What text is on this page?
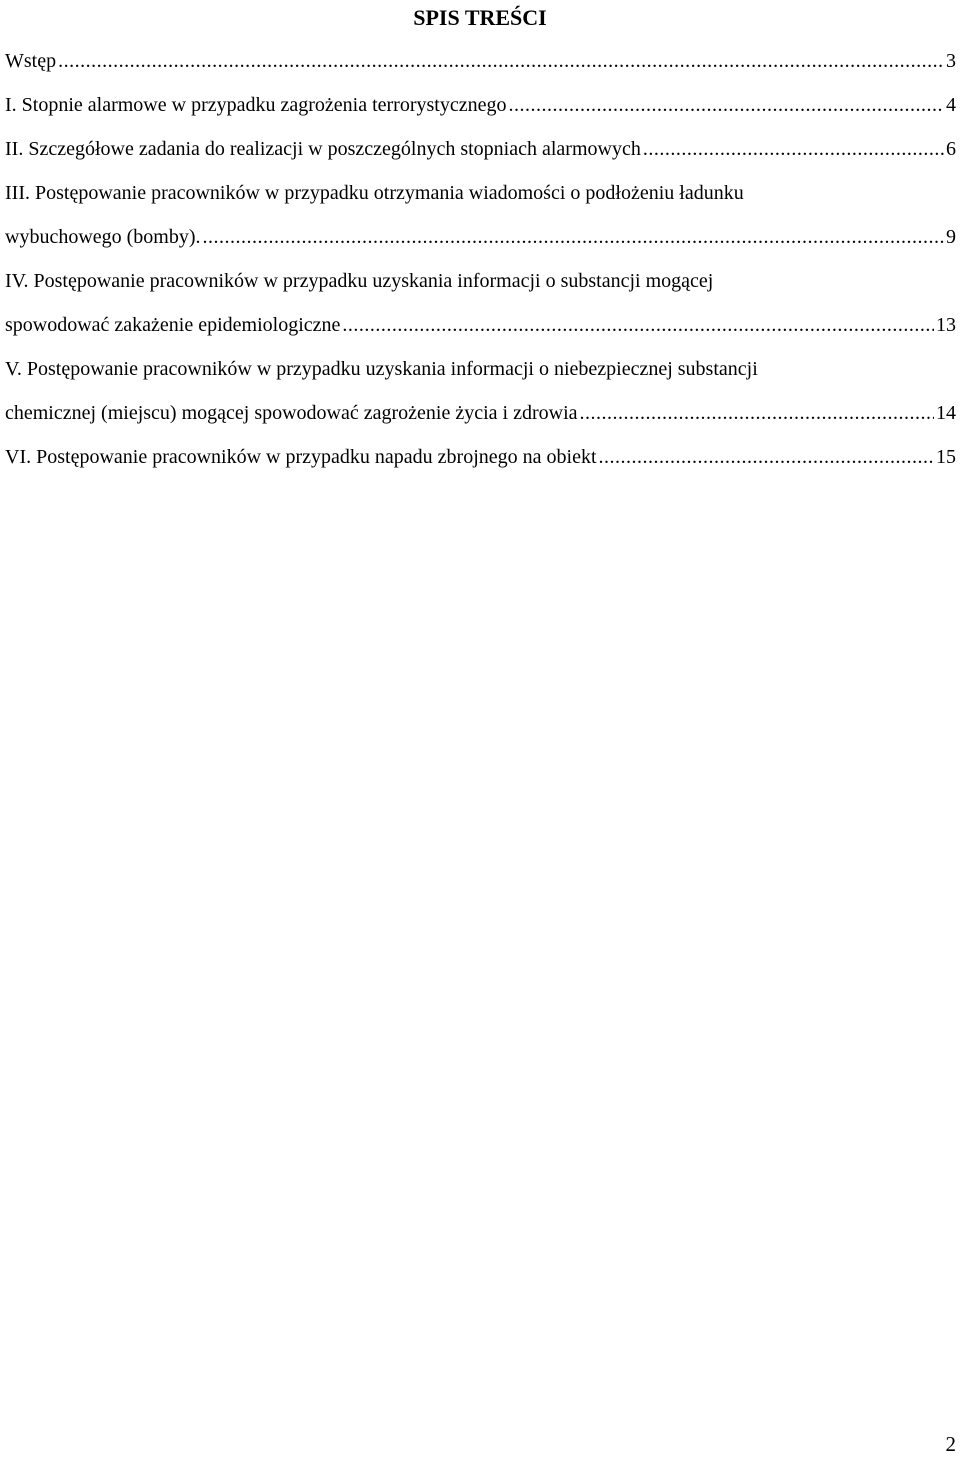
SPIS TREŚCI
Wstęp .....	3
I. Stopnie alarmowe w przypadku zagrożenia terrorystycznego .....	4
II. Szczegółowe zadania do realizacji w poszczególnych stopniach alarmowych .....	6
III. Postępowanie pracowników w przypadku otrzymania wiadomości o podłożeniu ładunku
wybuchowego (bomby). .....	9
IV. Postępowanie pracowników w przypadku uzyskania informacji o substancji mogącej
spowodować zakażenie epidemiologiczne .....	13
V. Postępowanie pracowników w przypadku uzyskania informacji o niebezpiecznej substancji
chemicznej (miejscu) mogącej spowodować zagrożenie życia i zdrowia .....	14
VI. Postępowanie pracowników w przypadku napadu zbrojnego na obiekt .....	15
2
